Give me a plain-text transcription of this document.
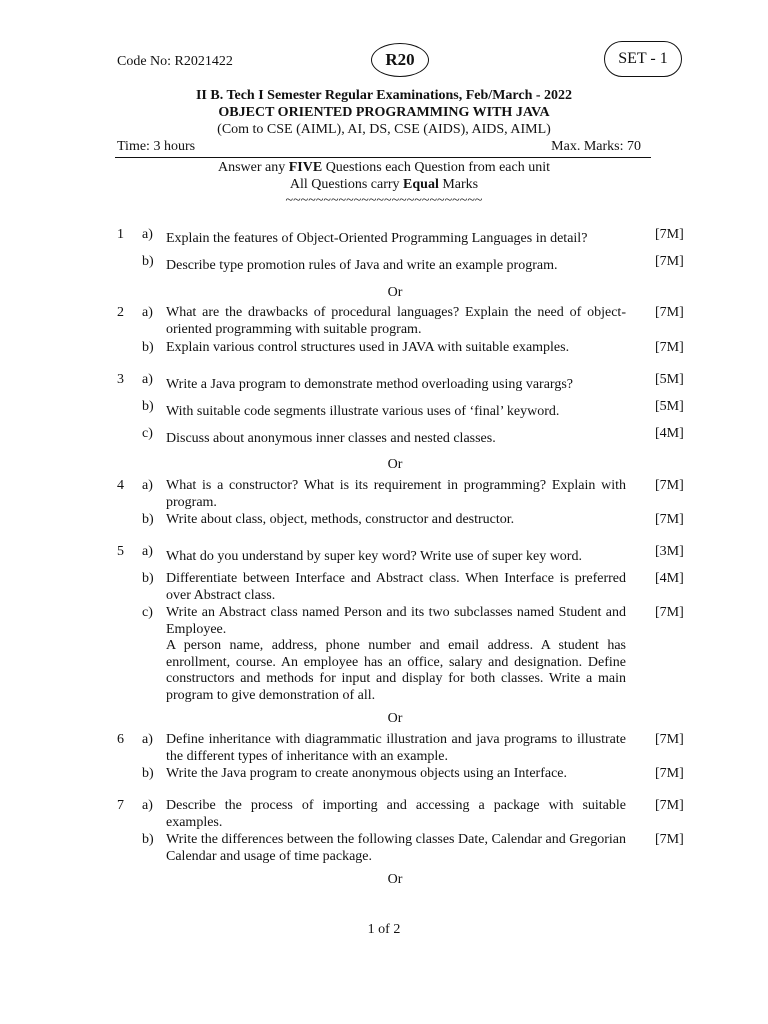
Code No: R2021422	R20	SET - 1
II B. Tech I Semester Regular Examinations, Feb/March - 2022
OBJECT ORIENTED PROGRAMMING WITH JAVA
(Com to CSE (AIML), AI, DS, CSE (AIDS), AIDS, AIML)
Time: 3 hours	Max. Marks: 70
Answer any FIVE Questions each Question from each unit
All Questions carry Equal Marks
~~~~~~~~~~~~~~~~~~~~~~~~~~
1 a) Explain the features of Object-Oriented Programming Languages in detail?	[7M]
b) Describe type promotion rules of Java and write an example program.	[7M]
Or
2 a) What are the drawbacks of procedural languages? Explain the need of object-oriented programming with suitable program.
[7M]
b) Explain various control structures used in JAVA with suitable examples.	[7M]
3 a) Write a Java program to demonstrate method overloading using varargs?	[5M]
b) With suitable code segments illustrate various uses of ‘final’ keyword.	[5M]
c) Discuss about anonymous inner classes and nested classes.	[4M]
Or
4 a) What is a constructor? What is its requirement in programming? Explain with program.
[7M]
b) Write about class, object, methods, constructor and destructor.	[7M]
5 a) What do you understand by super key word? Write use of super key word.	[3M]
b) Differentiate between Interface and Abstract class. When Interface is preferred over Abstract class.
[4M]
c) Write an Abstract class named Person and its two subclasses named Student and Employee.
A person name, address, phone number and email address. A student has enrollment, course. An employee has an office, salary and designation. Define constructors and methods for input and display for both classes. Write a main program to give demonstration of all.
[7M]
Or
6 a) Define inheritance with diagrammatic illustration and java programs to illustrate the different types of inheritance with an example.
[7M]
b) Write the Java program to create anonymous objects using an Interface.	[7M]
7 a) Describe the process of importing and accessing a package with suitable examples.
[7M]
b) Write the differences between the following classes Date, Calendar and Gregorian Calendar and usage of time package.
[7M]
Or
1 of 2
